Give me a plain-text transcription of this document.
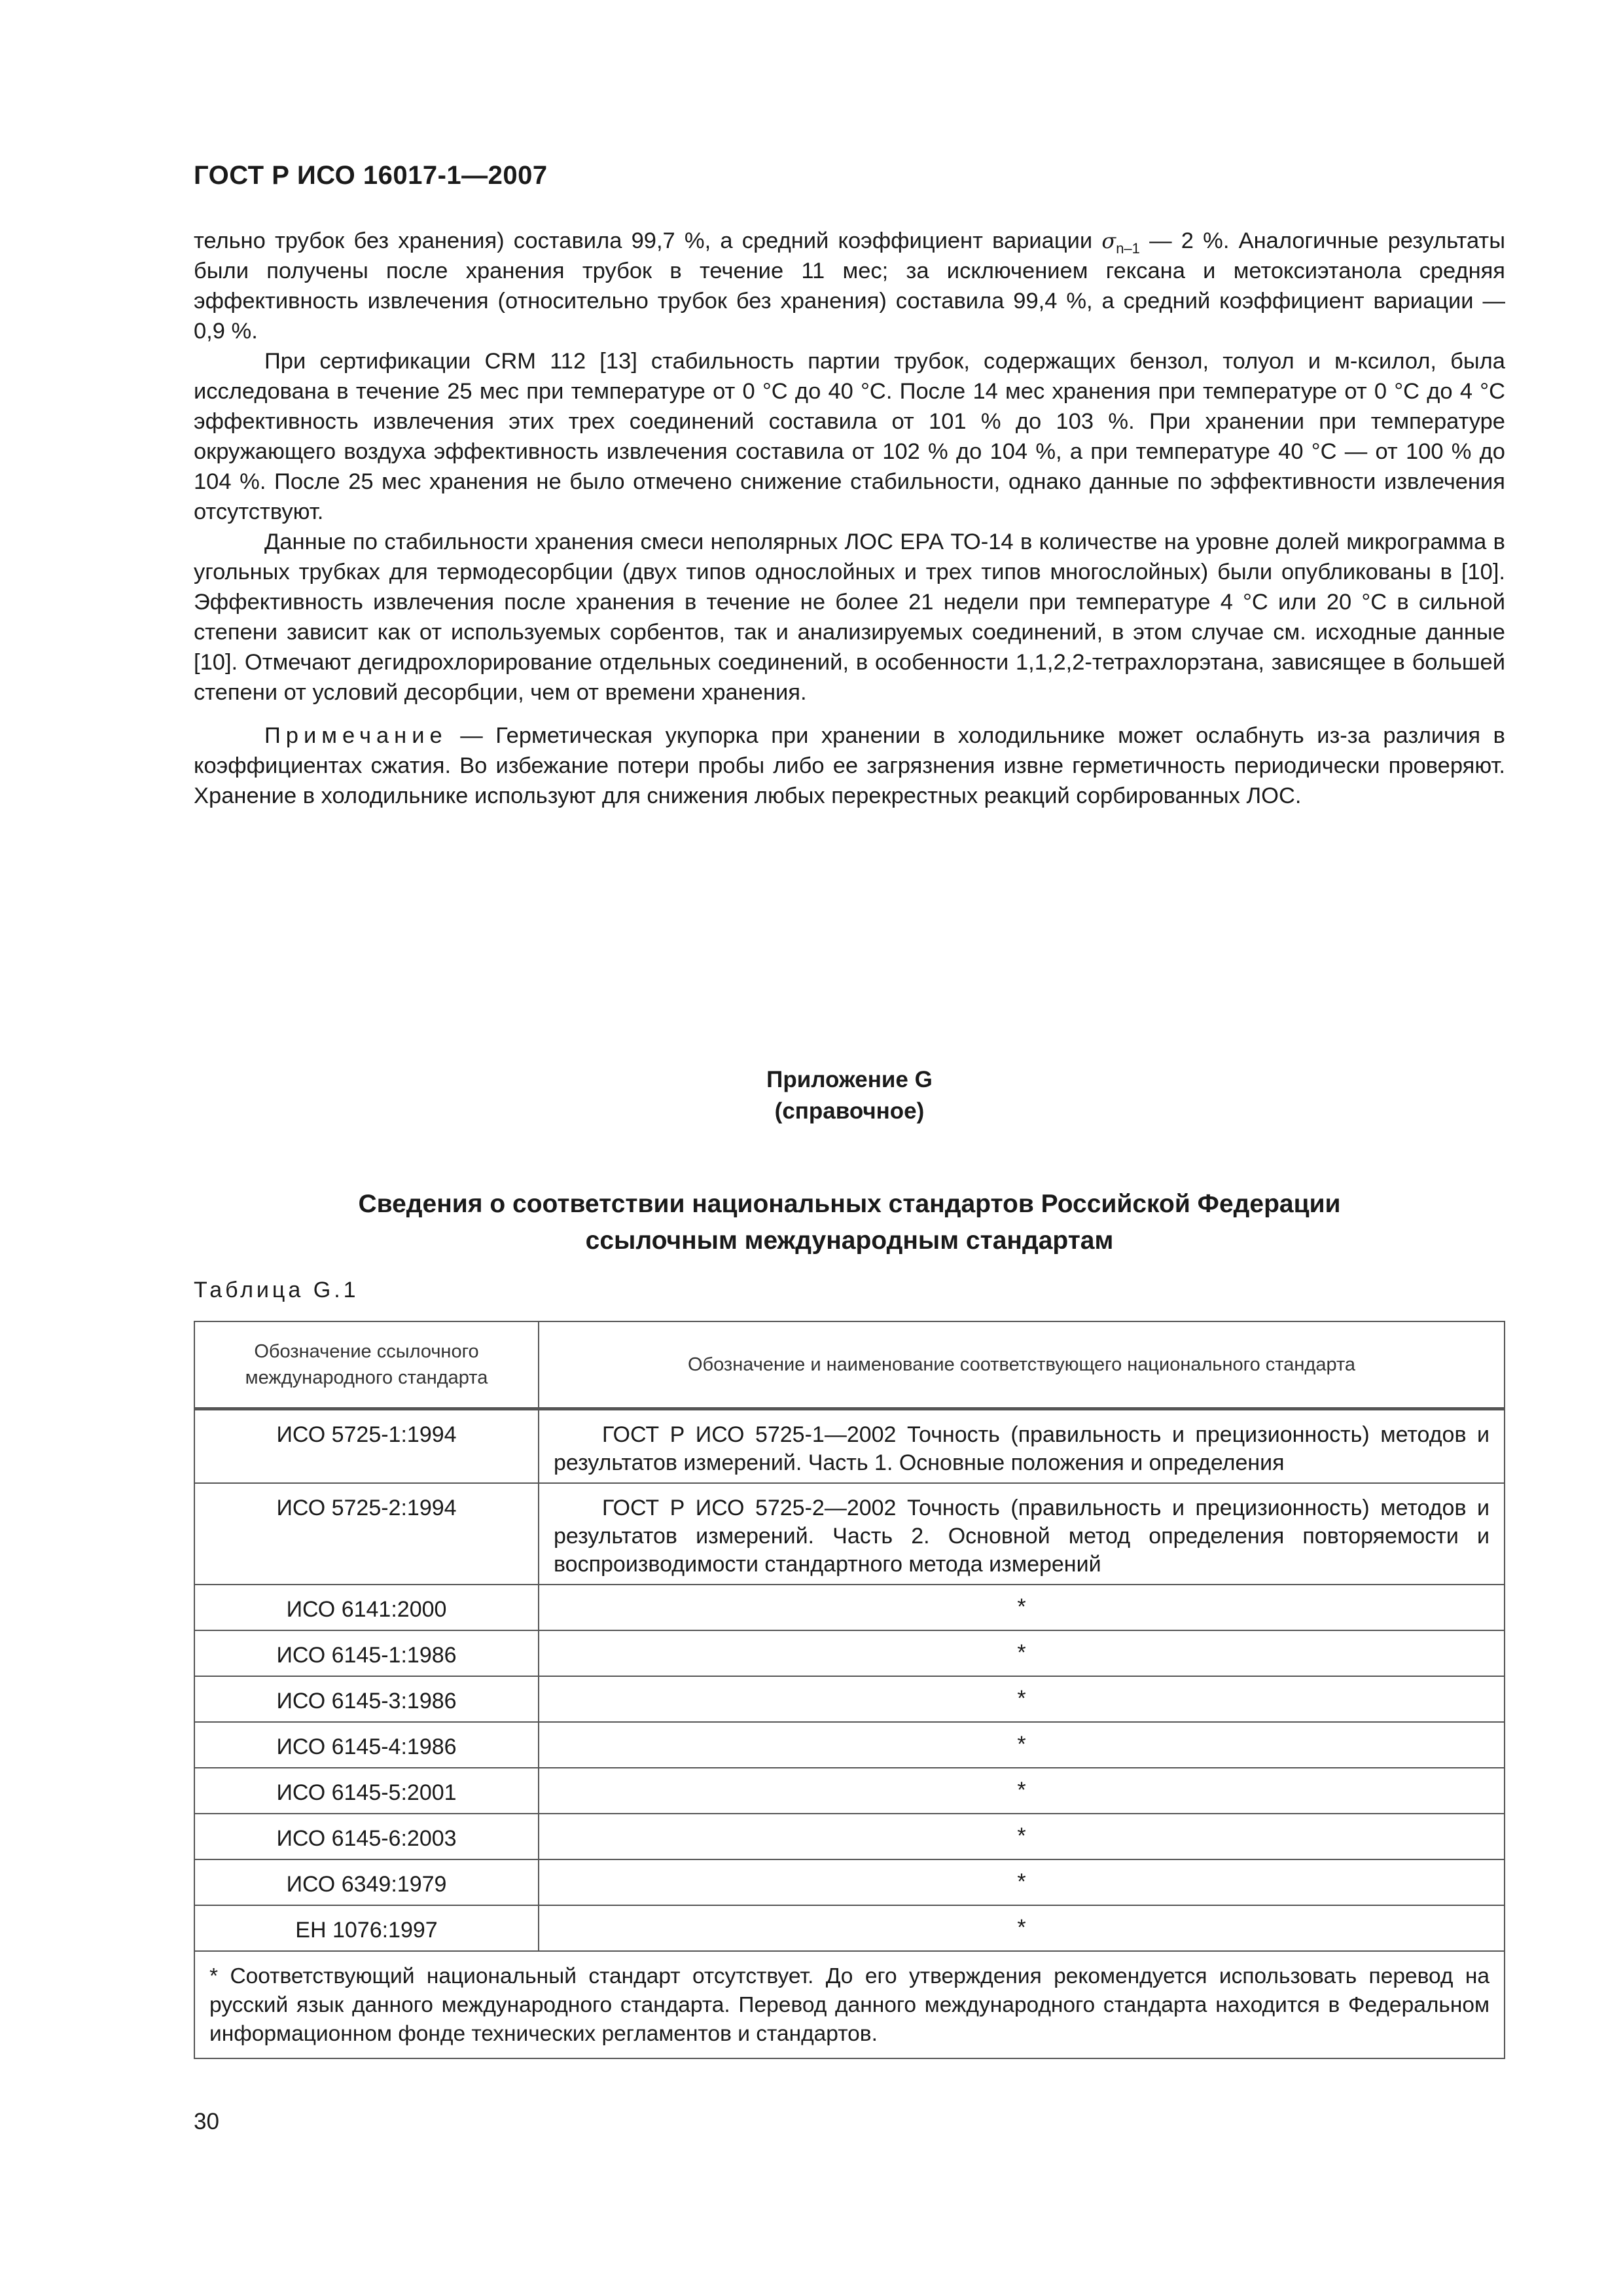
ГОСТ Р ИСО 16017-1—2007

тельно трубок без хранения) составила 99,7 %, а средний коэффициент вариации $\sigma_{n-1}$ — 2 %. Аналогичные результаты были получены после хранения трубок в течение 11 мес; за исключением гексана и метоксиэтанола средняя эффективность извлечения (относительно трубок без хранения) составила 99,4 %, а средний коэффициент вариации — 0,9 %.

При сертификации CRM 112 [13] стабильность партии трубок, содержащих бензол, толуол и м-ксилол, была исследована в течение 25 мес при температуре от 0 °С до 40 °С. После 14 мес хранения при температуре от 0 °С до 4 °С эффективность извлечения этих трех соединений составила от 101 % до 103 %. При хранении при температуре окружающего воздуха эффективность извлечения составила от 102 % до 104 %, а при температуре 40 °С — от 100 % до 104 %. После 25 мес хранения не было отмечено снижение стабильности, однако данные по эффективности извлечения отсутствуют.

Данные по стабильности хранения смеси неполярных ЛОС ЕРА ТО-14 в количестве на уровне долей микрограмма в угольных трубках для термодесорбции (двух типов однослойных и трех типов многослойных) были опубликованы в [10]. Эффективность извлечения после хранения в течение не более 21 недели при температуре 4 °С или 20 °С в сильной степени зависит как от используемых сорбентов, так и анализируемых соединений, в этом случае см. исходные данные [10]. Отмечают дегидрохлорирование отдельных соединений, в особенности 1,1,2,2-тетрахлорэтана, зависящее в большей степени от условий десорбции, чем от времени хранения.

Примечание — Герметическая укупорка при хранении в холодильнике может ослабнуть из-за различия в коэффициентах сжатия. Во избежание потери пробы либо ее загрязнения извне герметичность периодически проверяют. Хранение в холодильнике используют для снижения любых перекрестных реакций сорбированных ЛОС.

Приложение G
(справочное)
Сведения о соответствии национальных стандартов Российской Федерации
ссылочным международным стандартам
Таблица G.1
Обозначение ссылочного международного стандарта	Обозначение и наименование соответствующего национального стандарта
ИСО 5725-1:1994	ГОСТ Р ИСО 5725-1—2002 Точность (правильность и прецизионность) методов и результатов измерений. Часть 1. Основные положения и определения
ИСО 5725-2:1994	ГОСТ Р ИСО 5725-2—2002 Точность (правильность и прецизионность) методов и результатов измерений. Часть 2. Основной метод определения повторяемости и воспроизводимости стандартного метода измерений
ИСО 6141:2000	*
ИСО 6145-1:1986	*
ИСО 6145-3:1986	*
ИСО 6145-4:1986	*
ИСО 6145-5:2001	*
ИСО 6145-6:2003	*
ИСО 6349:1979	*
ЕН 1076:1997	*
* Соответствующий национальный стандарт отсутствует. До его утверждения рекомендуется использовать перевод на русский язык данного международного стандарта. Перевод данного международного стандарта находится в Федеральном информационном фонде технических регламентов и стандартов.	
30
